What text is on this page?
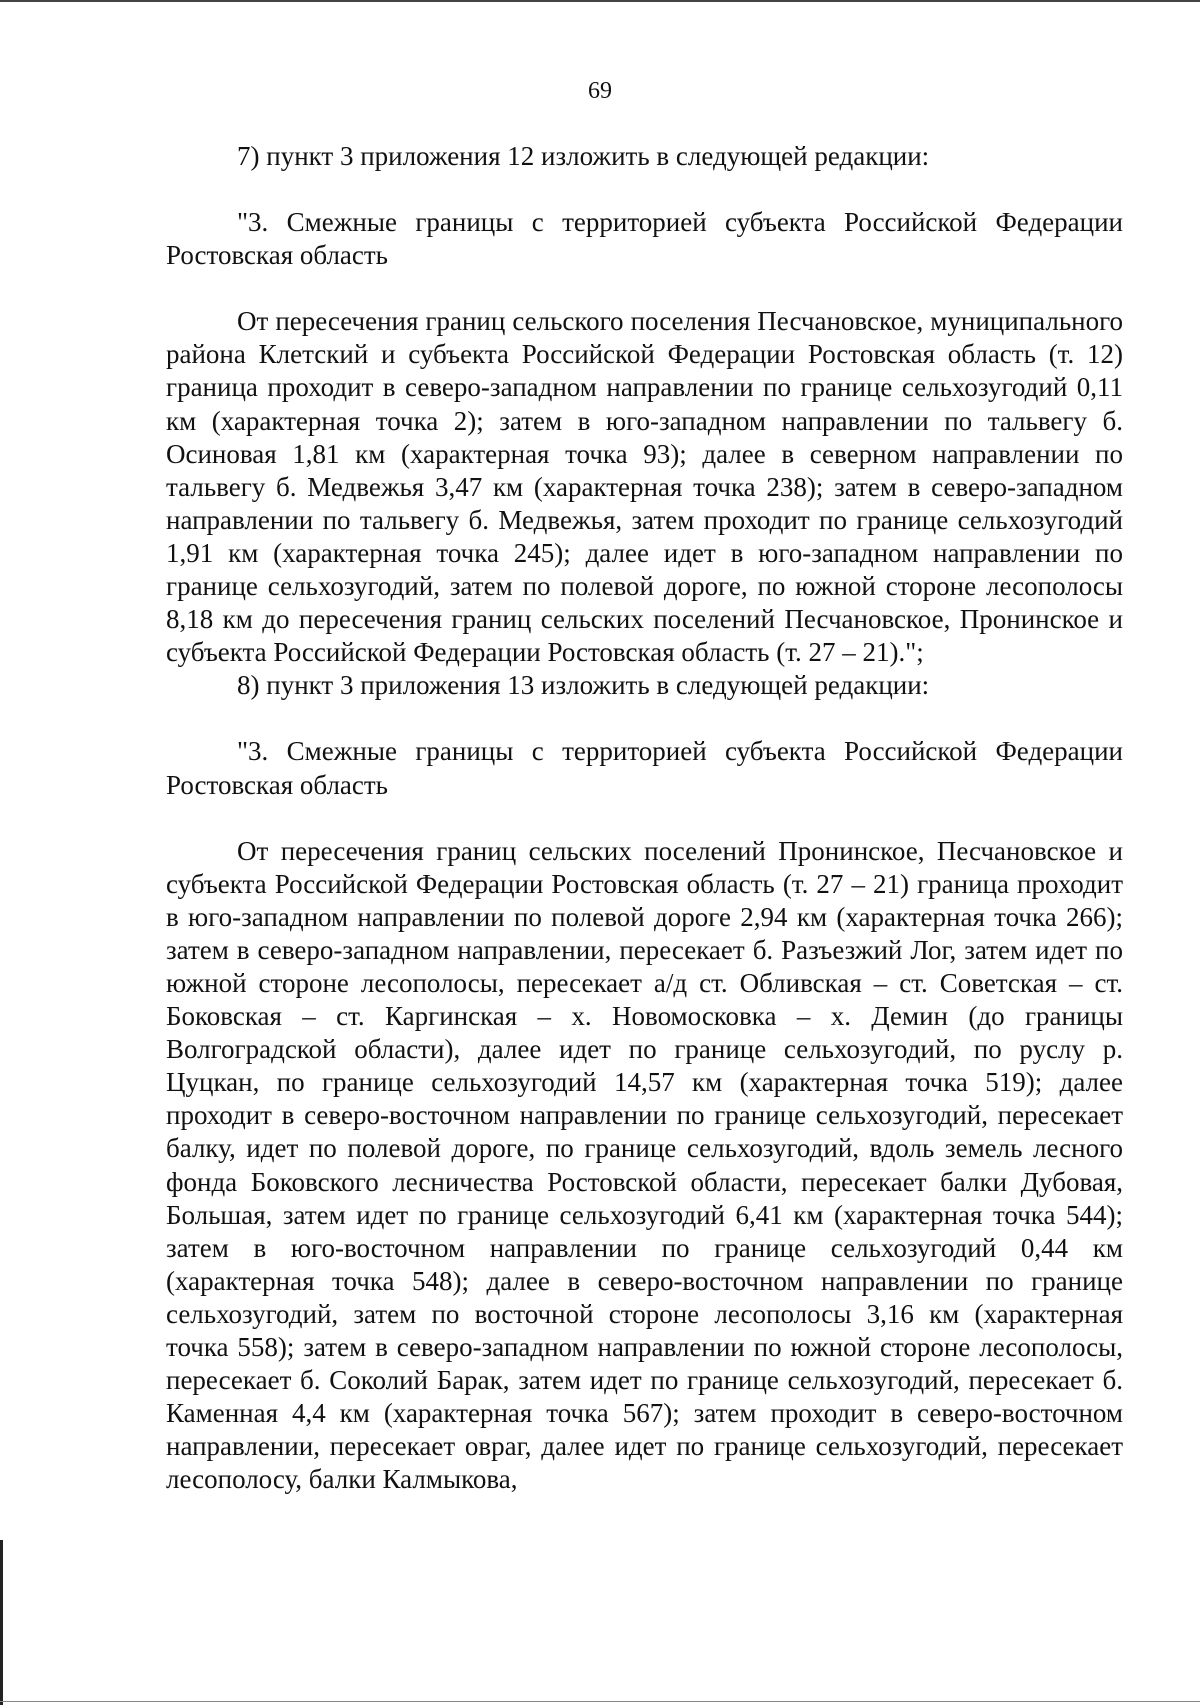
69

7) пункт 3 приложения 12 изложить в следующей редакции:

"3. Смежные границы с территорией субъекта Российской Федерации Ростовская область

От пересечения границ сельского поселения Песчановское, муниципального района Клетский и субъекта Российской Федерации Ростовская область (т. 12) граница проходит в северо-западном направлении по границе сельхозугодий 0,11 км (характерная точка 2); затем в юго-западном направлении по тальвегу б. Осиновая 1,81 км (характерная точка 93); далее в северном направлении по тальвегу б. Медвежья 3,47 км (характерная точка 238); затем в северо-западном направлении по тальвегу б. Медвежья, затем проходит по границе сельхозугодий 1,91 км (характерная точка 245); далее идет в юго-западном направлении по границе сельхозугодий, затем по полевой дороге, по южной стороне лесополосы 8,18 км до пересечения границ сельских поселений Песчановское, Пронинское и субъекта Российской Федерации Ростовская область (т. 27 – 21).";

8) пункт 3 приложения 13 изложить в следующей редакции:

"3. Смежные границы с территорией субъекта Российской Федерации Ростовская область

От пересечения границ сельских поселений Пронинское, Песчановское и субъекта Российской Федерации Ростовская область (т. 27 – 21) граница проходит в юго-западном направлении по полевой дороге 2,94 км (характерная точка 266); затем в северо-западном направлении, пересекает б. Разъезжий Лог, затем идет по южной стороне лесополосы, пересекает а/д ст. Обливская – ст. Советская – ст. Боковская – ст. Каргинская – х. Новомосковка – х. Демин (до границы Волгоградской области), далее идет по границе сельхозугодий, по руслу р. Цуцкан, по границе сельхозугодий 14,57 км (характерная точка 519); далее проходит в северо-восточном направлении по границе сельхозугодий, пересекает балку, идет по полевой дороге, по границе сельхозугодий, вдоль земель лесного фонда Боковского лесничества Ростовской области, пересекает балки Дубовая, Большая, затем идет по границе сельхозугодий 6,41 км (характерная точка 544); затем в юго-восточном направлении по границе сельхозугодий 0,44 км (характерная точка 548); далее в северо-восточном направлении по границе сельхозугодий, затем по восточной стороне лесополосы 3,16 км (характерная точка 558); затем в северо-западном направлении по южной стороне лесополосы, пересекает б. Соколий Барак, затем идет по границе сельхозугодий, пересекает б. Каменная 4,4 км (характерная точка 567); затем проходит в северо-восточном направлении, пересекает овраг, далее идет по границе сельхозугодий, пересекает лесополосу, балки Калмыкова,
